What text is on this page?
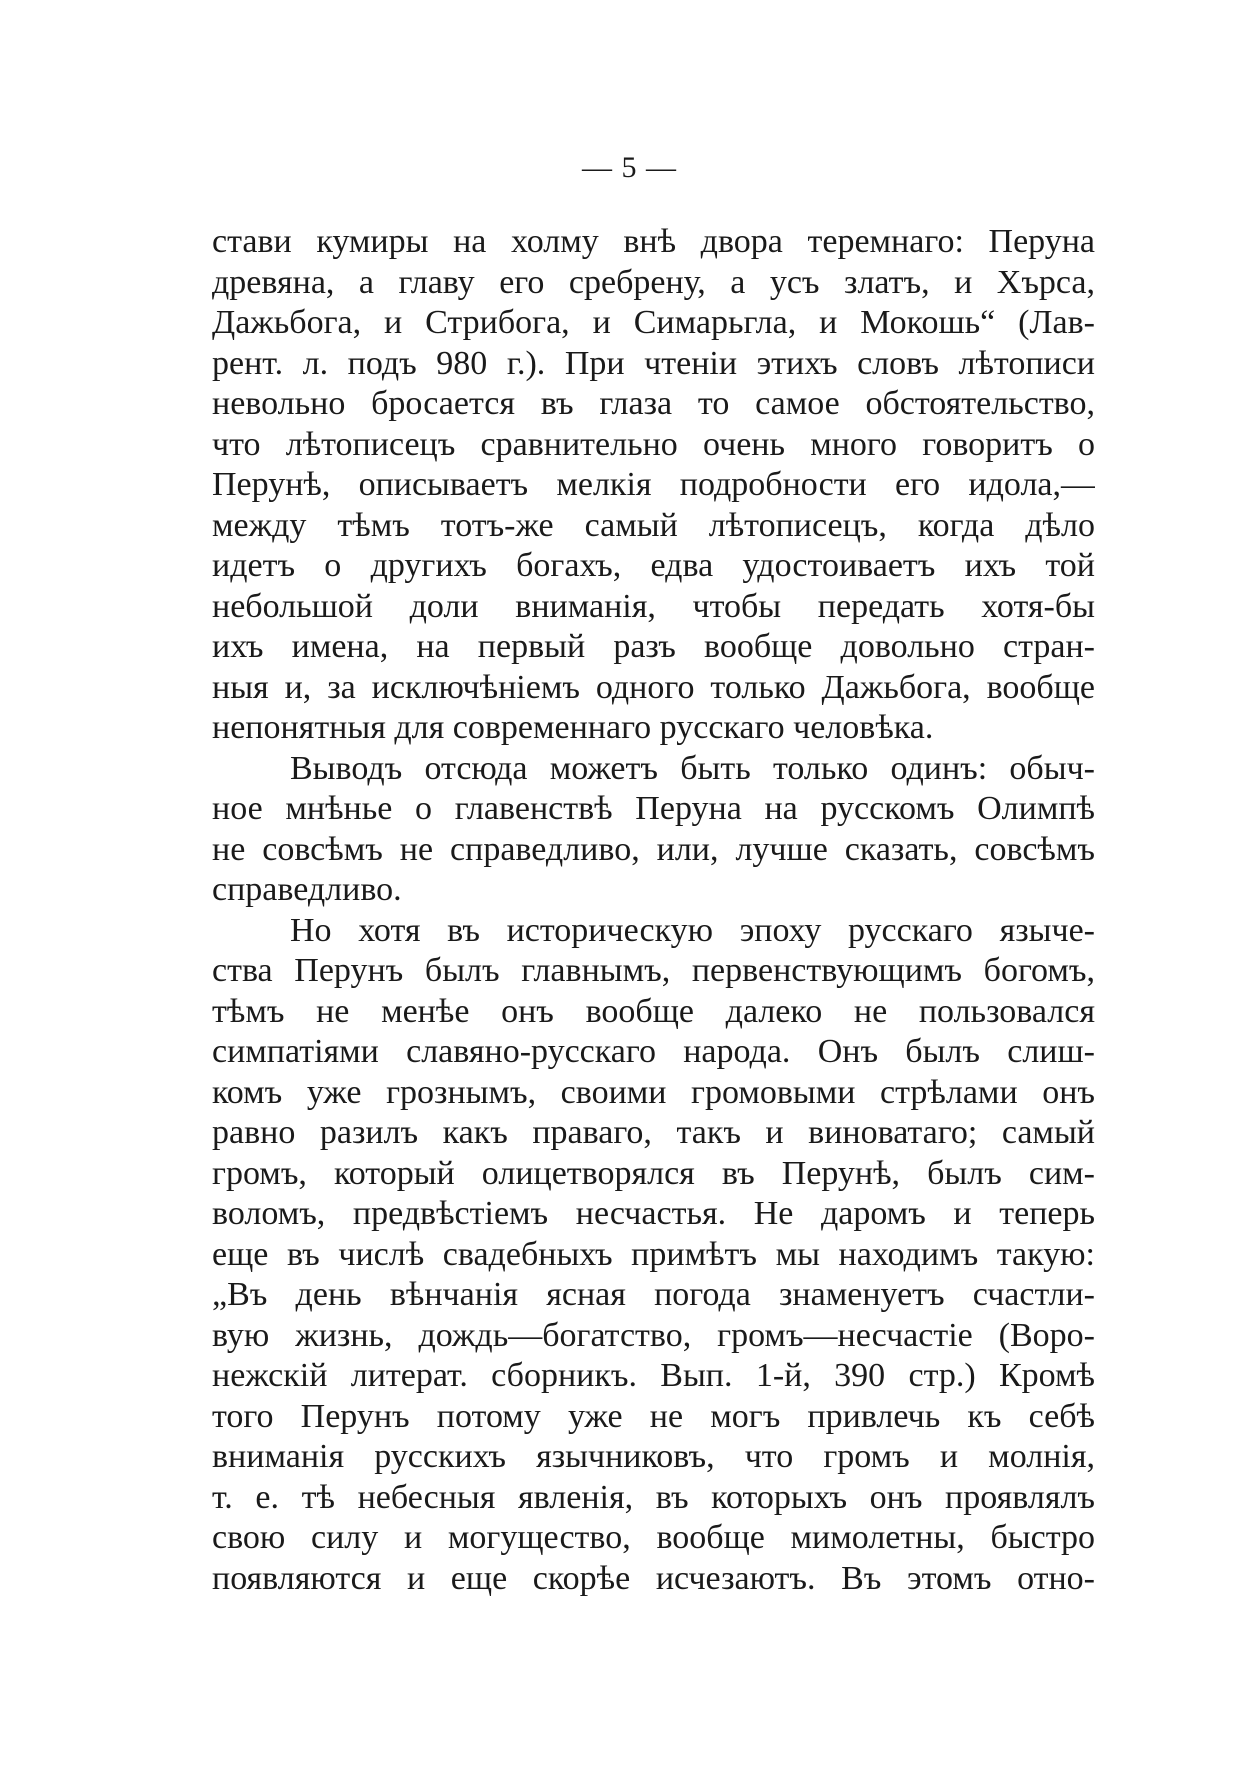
— 5 —
стави кумиры на холму внѣ двора теремнаго: Перуна
древяна, а главу его сребрену, а усъ златъ, и Хърса,
Дажьбога, и Стрибога, и Симарьгла, и Мокошь“ (Лав-
рент. л. подъ 980 г.). При чтеніи этихъ словъ лѣтописи
невольно бросается въ глаза то самое обстоятельство,
что лѣтописецъ сравнительно очень много говоритъ о
Перунѣ, описываетъ мелкія подробности его идола,—
между тѣмъ тотъ-же самый лѣтописецъ, когда дѣло
идетъ о другихъ богахъ, едва удостоиваетъ ихъ той
небольшой доли вниманія, чтобы передать хотя-бы
ихъ имена, на первый разъ вообще довольно стран-
ныя и, за исключѣніемъ одного только Дажьбога, вообще
непонятныя для современнаго русскаго человѣка.
Выводъ отсюда можетъ быть только одинъ: обыч-
ное мнѣнье о главенствѣ Перуна на русскомъ Олимпѣ
не совсѣмъ не справедливо, или, лучше сказать, совсѣмъ
справедливо.
Но хотя въ историческую эпоху русскаго язычe-
ства Перунъ былъ главнымъ, первенствующимъ богомъ,
тѣмъ не менѣе онъ вообще далеко не пользовался
симпатіями славяно-русскаго народа. Онъ былъ слиш-
комъ уже грознымъ, своими громовыми стрѣлами онъ
равно разилъ какъ праваго, такъ и виноватаго; самый
громъ, который олицетворялся въ Перунѣ, былъ сим-
воломъ, предвѣстіемъ несчастья. Не даромъ и теперь
еще въ числѣ свадебныхъ примѣтъ мы находимъ такую:
„Въ день вѣнчанія ясная погода знаменуетъ счастли-
вую жизнь, дождь—богатство, громъ—несчастіе (Воро-
нежскій литерат. сборникъ. Вып. 1-й, 390 стр.) Кромѣ
того Перунъ потому уже не могъ привлечь къ себѣ
вниманія русскихъ язычниковъ, что громъ и молнія,
т. е. тѣ небесныя явленія, въ которыхъ онъ проявлялъ
свою силу и могущество, вообще мимолетны, быстро
появляются и еще скорѣе исчезаютъ. Въ этомъ отно-
